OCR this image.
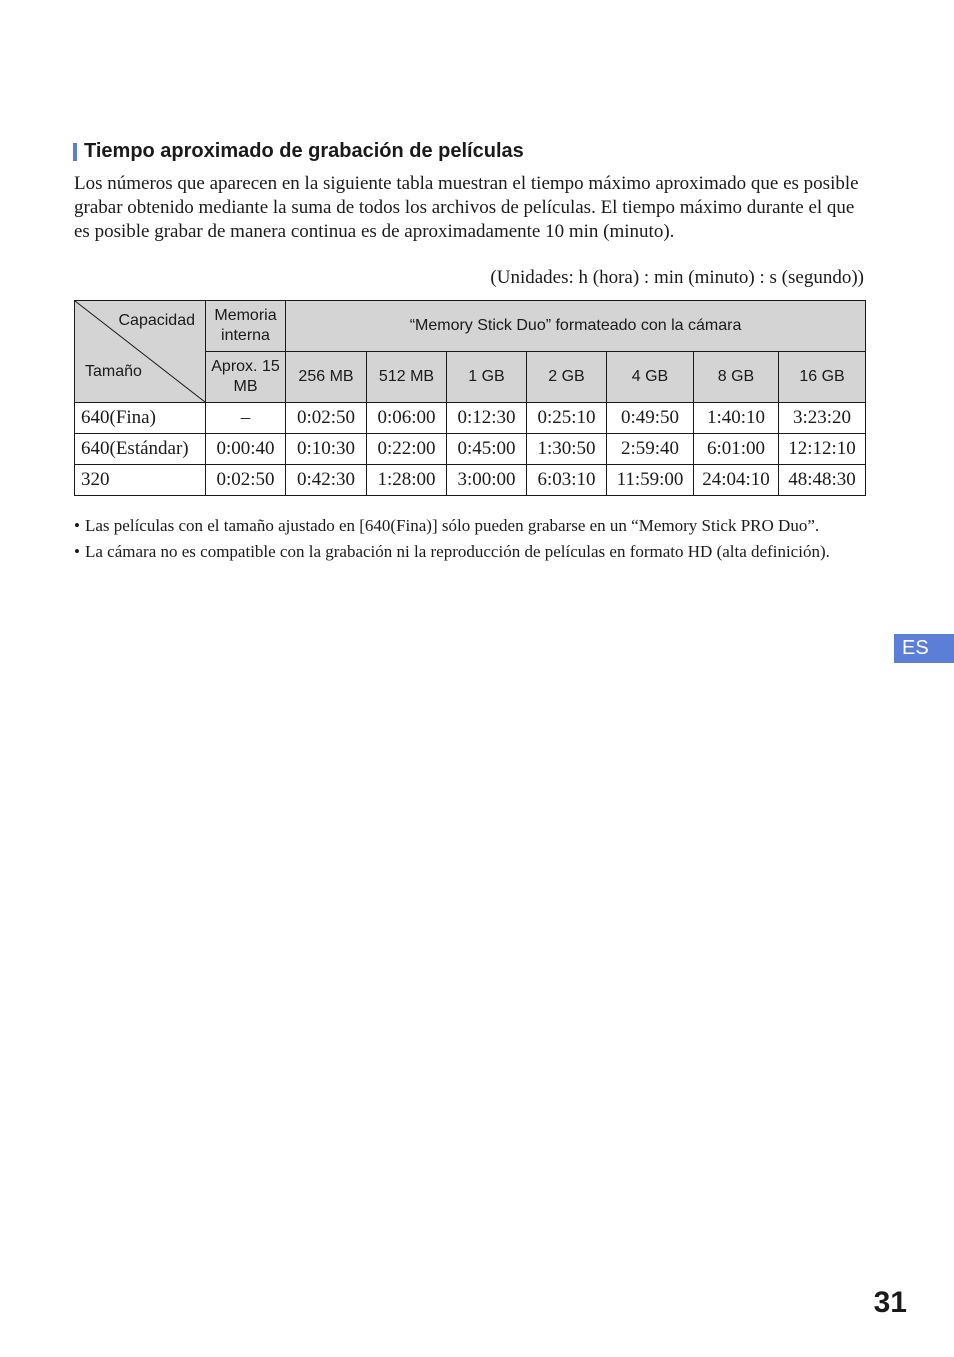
Tiempo aproximado de grabación de películas

Los números que aparecen en la siguiente tabla muestran el tiempo máximo aproximado que es posible grabar obtenido mediante la suma de todos los archivos de películas. El tiempo máximo durante el que es posible grabar de manera continua es de aproximadamente 10 min (minuto).

(Unidades: h (hora) : min (minuto) : s (segundo))
Capacidad
Tamaño	Memoria interna	“Memory Stick Duo” formateado con la cámara						
	Aprox. 15 MB	256 MB	512 MB	1 GB	2 GB	4 GB	8 GB	16 GB
640(Fina)	–	0:02:50	0:06:00	0:12:30	0:25:10	0:49:50	1:40:10	3:23:20
640(Estándar)	0:00:40	0:10:30	0:22:00	0:45:00	1:30:50	2:59:40	6:01:00	12:12:10
320	0:02:50	0:42:30	1:28:00	3:00:00	6:03:10	11:59:00	24:04:10	48:48:30
• Las películas con el tamaño ajustado en [640(Fina)] sólo pueden grabarse en un “Memory Stick PRO Duo”.
• La cámara no es compatible con la grabación ni la reproducción de películas en formato HD (alta definición).
ES
31
